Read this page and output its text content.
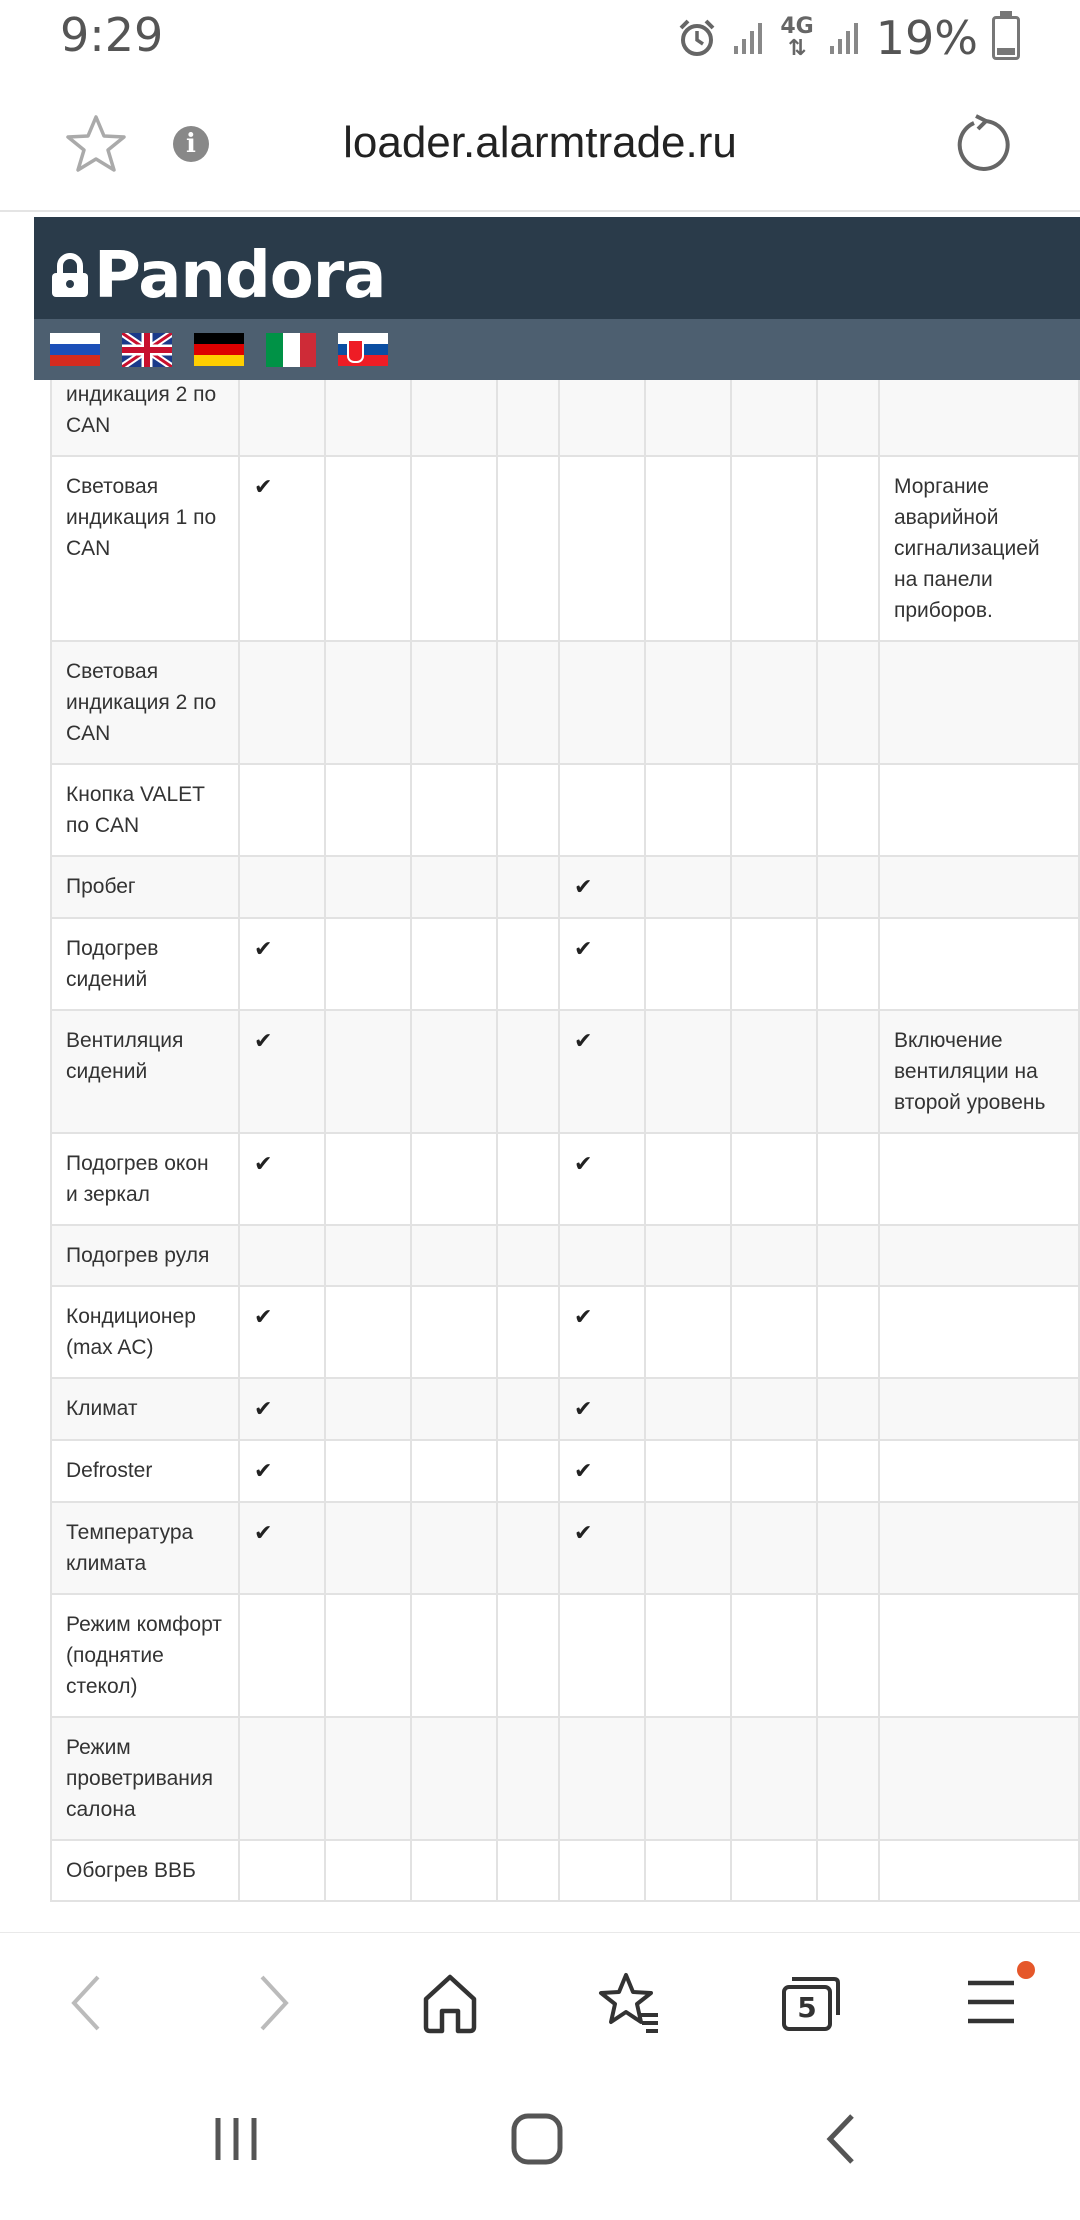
9:29	4G
⇅ 19%
i	loader.alarmtrade.ru
Pandora
индикация 2 по CAN									
Световая индикация 1 по CAN	✔								Моргание аварийной сигнализацией на панели приборов.
Световая индикация 2 по CAN									
Кнопка VALET по CAN									
Пробег					✔				
Подогрев сидений	✔				✔				
Вентиляция сидений	✔				✔				Включение вентиляции на второй уровень
Подогрев окон и зеркал	✔				✔				
Подогрев руля									
Кондиционер (max AC)	✔				✔				
Климат	✔				✔				
Defroster	✔				✔				
Температура климата	✔				✔				
Режим комфорт (поднятие стекол)									
Режим проветривания салона									
Обогрев ВВБ									
5
